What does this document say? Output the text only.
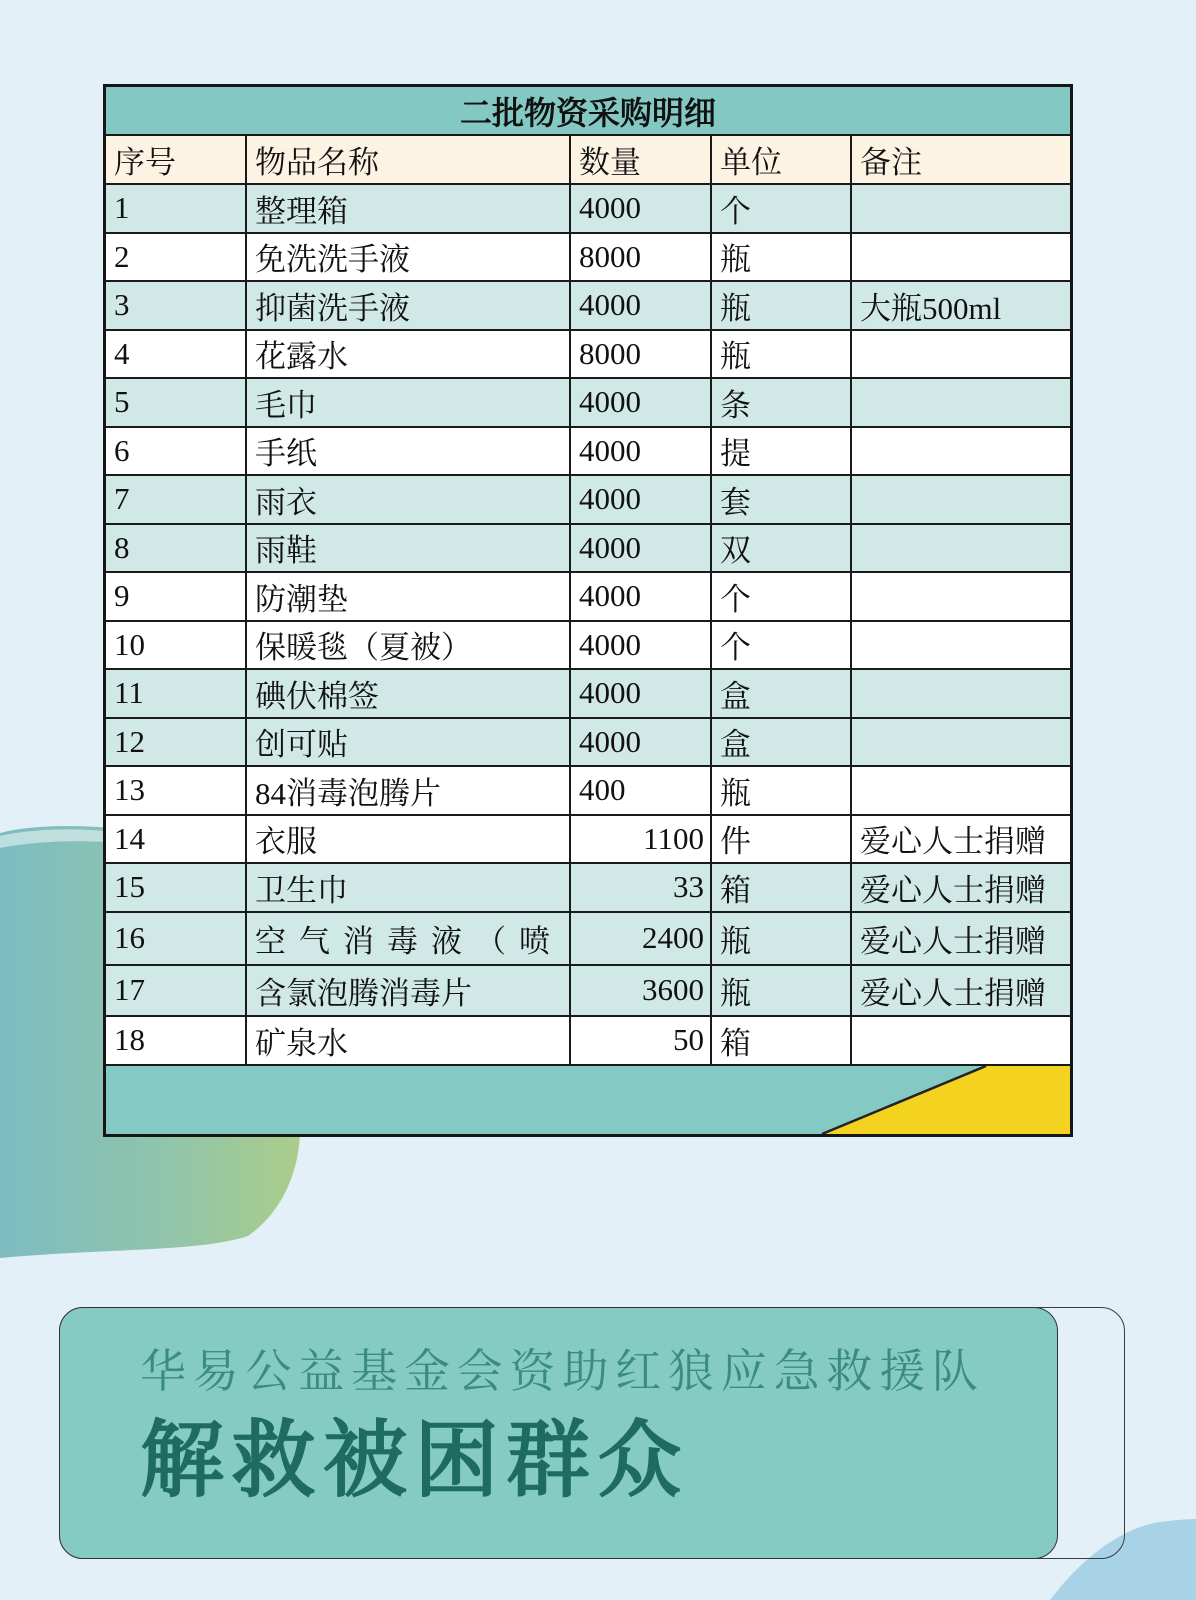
二批物资采购明细
序号	物品名称	数量	单位	备注
1	整理箱	4000	个
2	免洗洗手液	8000	瓶
3	抑菌洗手液	4000	瓶	大瓶500ml
4	花露水	8000	瓶
5	毛巾	4000	条
6	手纸	4000	提
7	雨衣	4000	套
8	雨鞋	4000	双
9	防潮垫	4000	个
10	保暖毯（夏被）	4000	个
11	碘伏棉签	4000	盒
12	创可贴	4000	盒
13	84消毒泡腾片	400	瓶
14	衣服	1100 件	爱心人士捐赠
15	卫生巾	33 箱	爱心人士捐赠
16	空气消毒液（喷	2400 瓶	爱心人士捐赠
17	含氯泡腾消毒片	3600 瓶	爱心人士捐赠
18	矿泉水	50 箱
华易公益基金会资助红狼应急救援队
解救被困群众
